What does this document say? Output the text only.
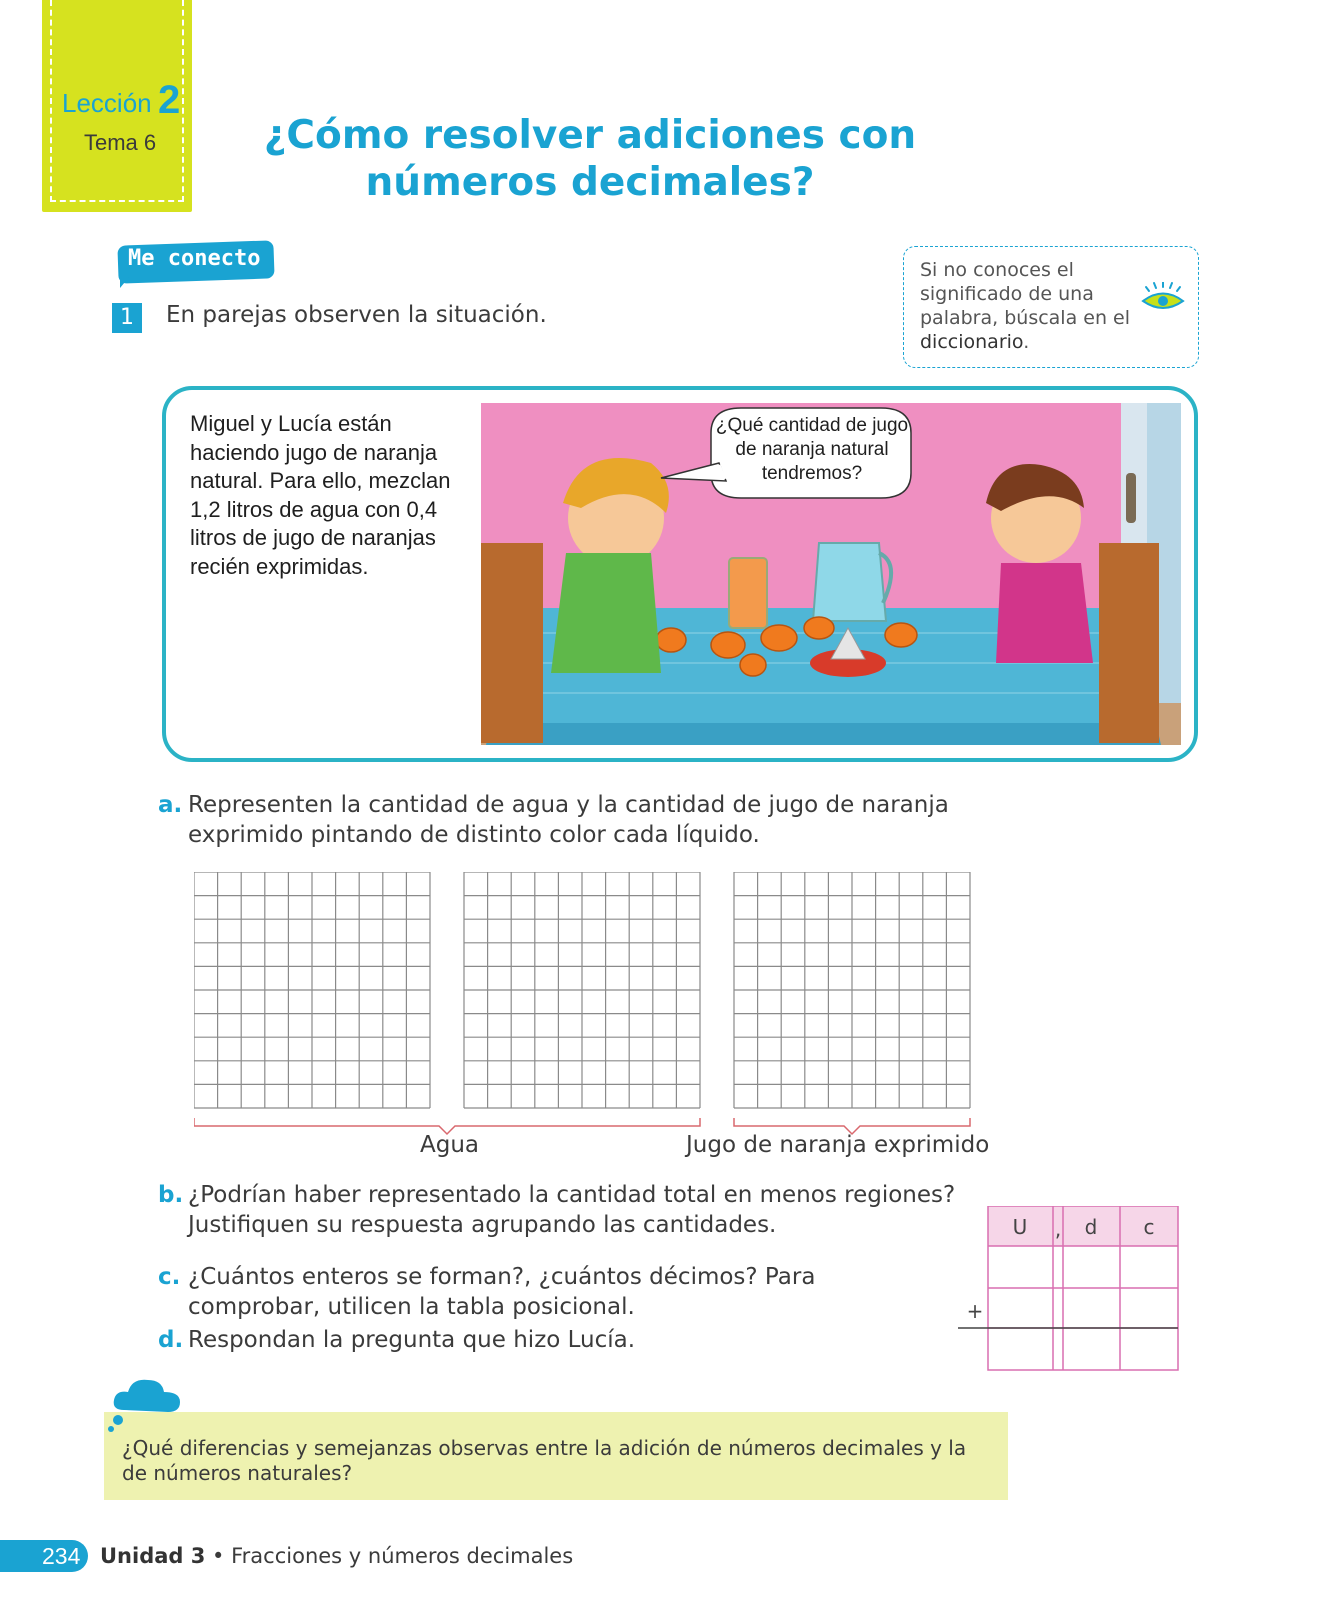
Lección 2
Tema 6	¿Cómo resolver adiciones con números decimales?
Me conecto
1	En parejas observen la situación.
Si no conoces el significado de una palabra, búscala en el diccionario.
Miguel y Lucía están haciendo jugo de naranja natural. Para ello, mezclan 1,2 litros de agua con 0,4 litros de jugo de naranjas recién exprimidas.
¿Qué cantidad de jugo de naranja natural tendremos?
a. Representen la cantidad de agua y la cantidad de jugo de naranja exprimido pintando de distinto color cada líquido.
Agua	Jugo de naranja exprimido
b. ¿Podrían haber representado la cantidad total en menos regiones? Justifiquen su respuesta agrupando las cantidades.
c. ¿Cuántos enteros se forman?, ¿cuántos décimos? Para comprobar, utilicen la tabla posicional.
d. Respondan la pregunta que hizo Lucía.
U , d c
+
¿Qué diferencias y semejanzas observas entre la adición de números decimales y la de números naturales?
234 Unidad 3 • Fracciones y números decimales
